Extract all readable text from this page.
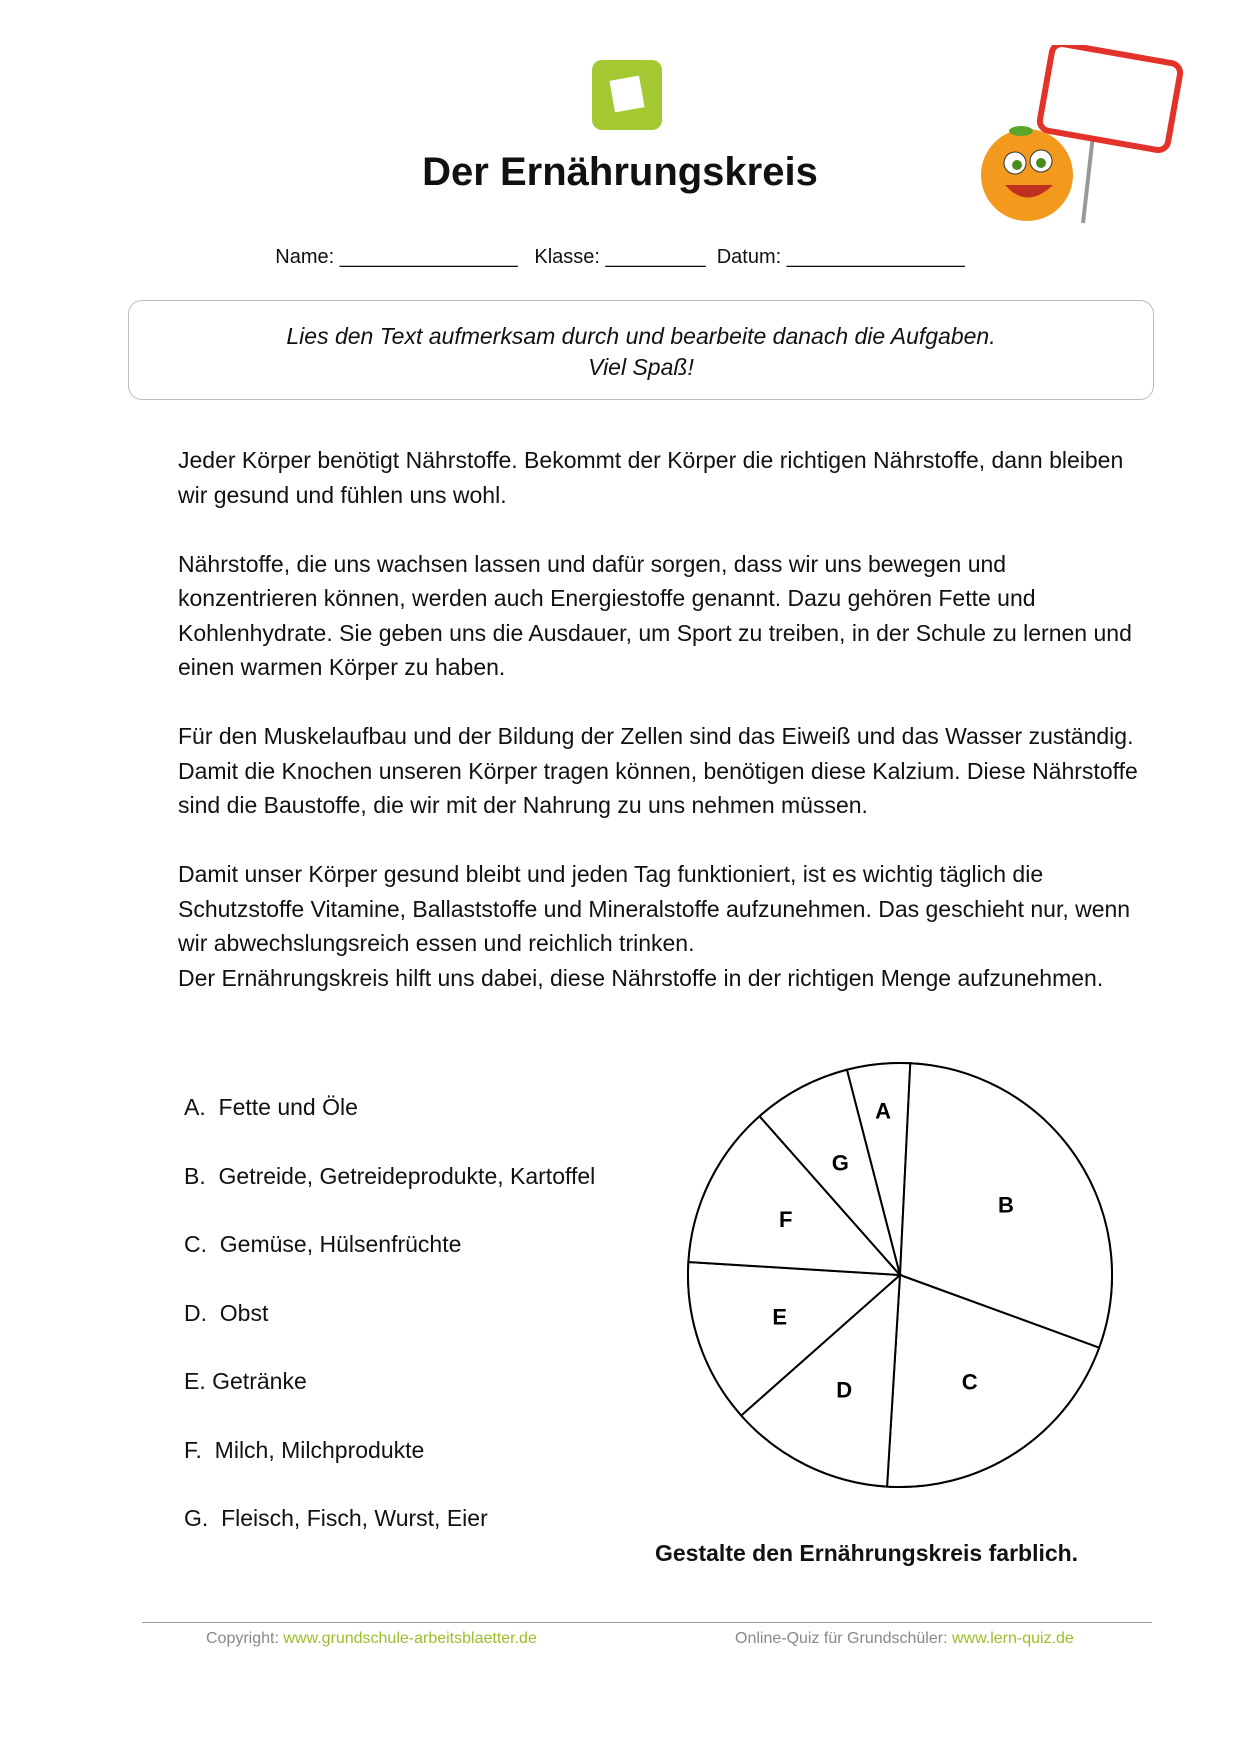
Der Ernährungskreis
Name: ________________   Klasse: _________  Datum: ________________
Lies den Text aufmerksam durch und bearbeite danach die Aufgaben.
Viel Spaß!

Jeder Körper benötigt Nährstoffe. Bekommt der Körper die richtigen Nährstoffe, dann bleiben wir gesund und fühlen uns wohl.

Nährstoffe, die uns wachsen lassen und dafür sorgen, dass wir uns bewegen und konzentrieren können, werden auch Energiestoffe genannt. Dazu gehören Fette und Kohlenhydrate. Sie geben uns die Ausdauer, um Sport zu treiben, in der Schule zu lernen und einen warmen Körper zu haben.

Für den Muskelaufbau und der Bildung der Zellen sind das Eiweiß und das Wasser zuständig. Damit die Knochen unseren Körper tragen können, benötigen diese Kalzium. Diese Nährstoffe sind die Baustoffe, die wir mit der Nahrung zu uns nehmen müssen.

Damit unser Körper gesund bleibt und jeden Tag funktioniert, ist es wichtig täglich die Schutzstoffe Vitamine, Ballaststoffe und Mineralstoffe aufzunehmen. Das geschieht nur, wenn wir abwechslungsreich essen und reichlich trinken.

Der Ernährungskreis hilft uns dabei, diese Nährstoffe in der richtigen Menge aufzunehmen.

A. Fette und Öle
B. Getreide, Getreideprodukte, Kartoffel
C. Gemüse, Hülsenfrüchte
D. Obst
E. Getränke
F. Milch, Milchprodukte
G. Fleisch, Fisch, Wurst, Eier
A
B
C
D
E
F
G
Gestalte den Ernährungskreis farblich.
Copyright: www.grundschule-arbeitsblaetter.de	Online-Quiz für Grundschüler: www.lern-quiz.de
